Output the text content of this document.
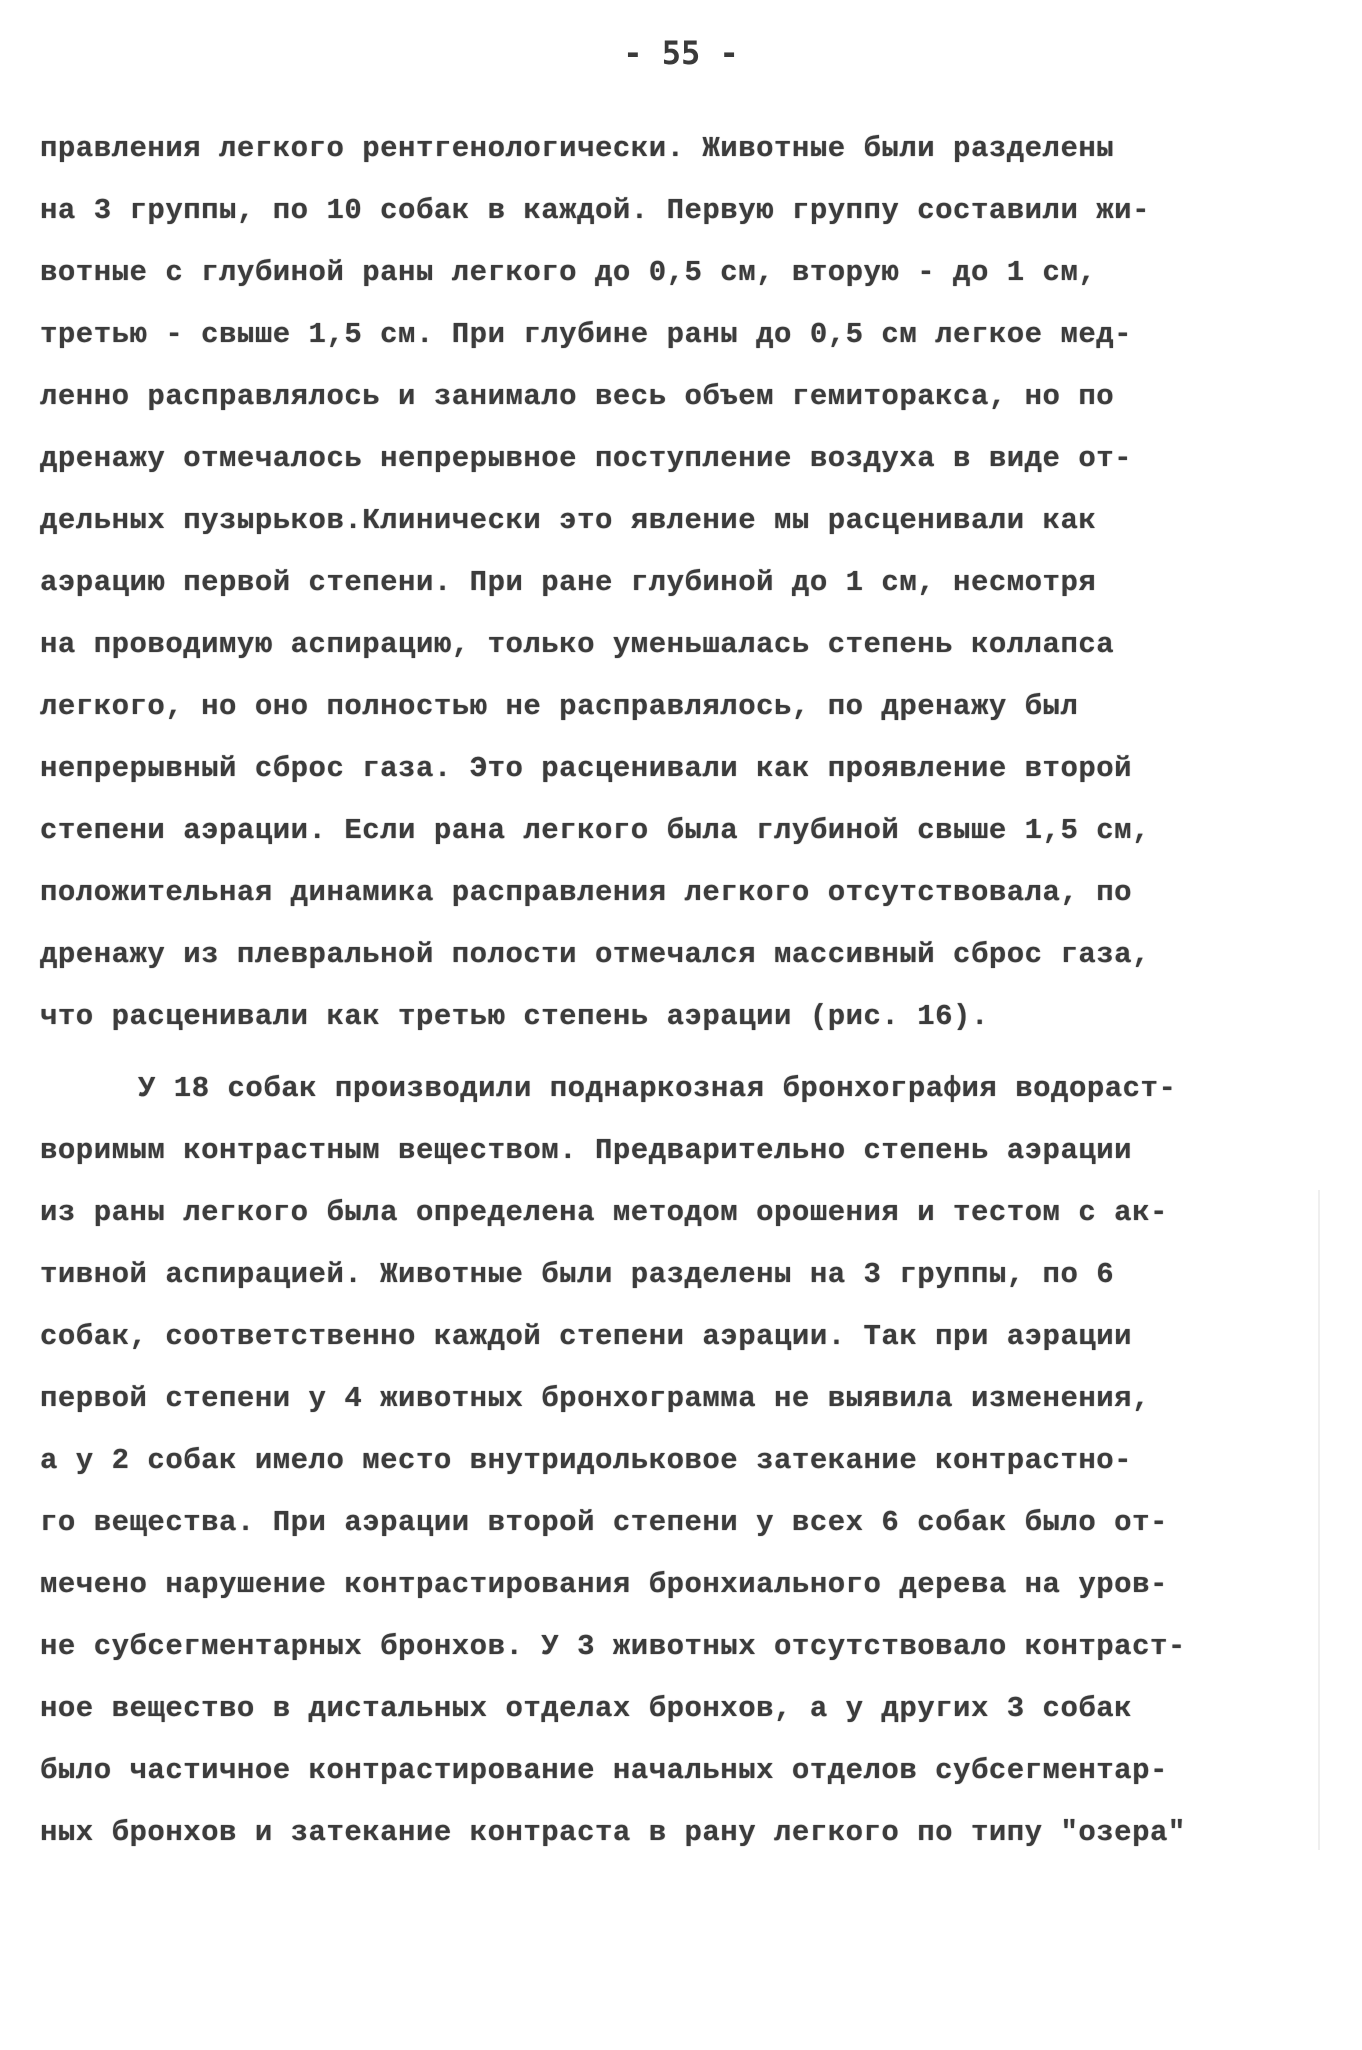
- 55 -
правления легкого рентгенологически. Животные были разделены
на 3 группы, по 10 собак в каждой. Первую группу составили жи-
вотные с глубиной раны легкого до 0,5 см, вторую - до 1 см,
третью - свыше 1,5 см. При глубине раны до 0,5 см легкое мед-
ленно расправлялось и занимало весь объем гемиторакса, но по
дренажу отмечалось непрерывное поступление воздуха в виде от-
дельных пузырьков.Клинически это явление мы расценивали как
аэрацию первой степени. При ране глубиной до 1 см, несмотря
на проводимую аспирацию, только уменьшалась степень коллапса
легкого, но оно полностью не расправлялось, по дренажу был
непрерывный сброс газа. Это расценивали как проявление второй
степени аэрации. Если рана легкого была глубиной свыше 1,5 см,
положительная динамика расправления легкого отсутствовала, по
дренажу из плевральной полости отмечался массивный сброс газа,
что расценивали как третью степень аэрации (рис. 16).
У 18 собак производили поднаркозная бронхография водораст-
воримым контрастным веществом. Предварительно степень аэрации
из раны легкого была определена методом орошения и тестом с ак-
тивной аспирацией. Животные были разделены на 3 группы, по 6
собак, соответственно каждой степени аэрации. Так при аэрации
первой степени у 4 животных бронхограмма не выявила изменения,
а у 2 собак имело место внутридольковое затекание контрастно-
го вещества. При аэрации второй степени у всех 6 собак было от-
мечено нарушение контрастирования бронхиального дерева на уров-
не субсегментарных бронхов. У 3 животных отсутствовало контраст-
ное вещество в дистальных отделах бронхов, а у других 3 собак
было частичное контрастирование начальных отделов субсегментар-
ных бронхов и затекание контраста в рану легкого по типу "озера"
